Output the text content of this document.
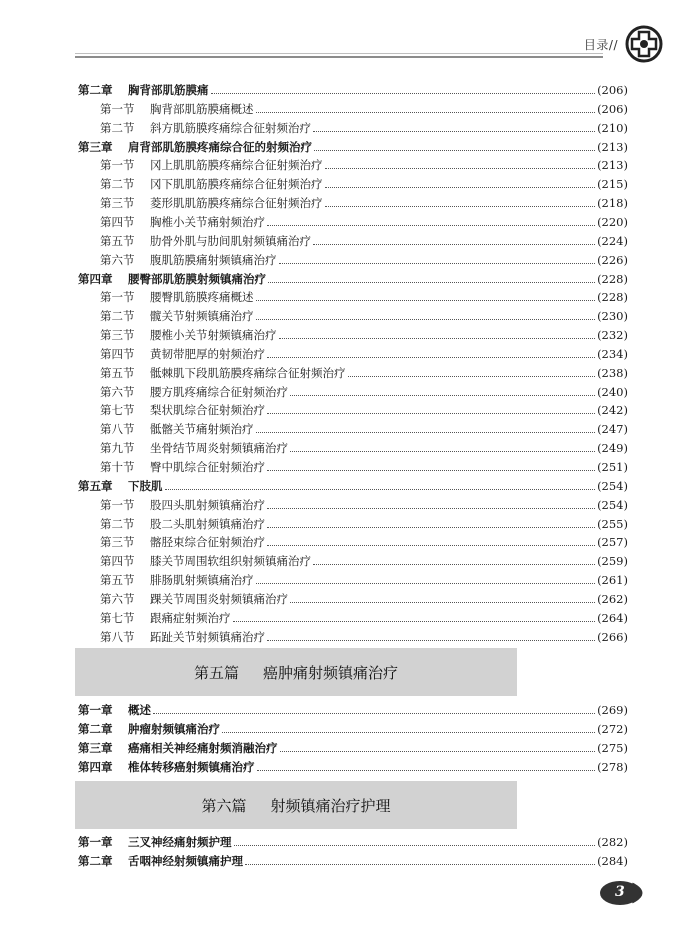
目录//
第二章	胸背部肌筋膜痛	(206)
第一节	胸背部肌筋膜痛概述	(206)
第二节	斜方肌筋膜疼痛综合征射频治疗	(210)
第三章	肩背部肌筋膜疼痛综合征的射频治疗	(213)
第一节	冈上肌肌筋膜疼痛综合征射频治疗	(213)
第二节	冈下肌肌筋膜疼痛综合征射频治疗	(215)
第三节	菱形肌肌筋膜疼痛综合征射频治疗	(218)
第四节	胸椎小关节痛射频治疗	(220)
第五节	肋骨外肌与肋间肌射频镇痛治疗	(224)
第六节	腹肌筋膜痛射频镇痛治疗	(226)
第四章	腰臀部肌筋膜射频镇痛治疗	(228)
第一节	腰臀肌筋膜疼痛概述	(228)
第二节	髋关节射频镇痛治疗	(230)
第三节	腰椎小关节射频镇痛治疗	(232)
第四节	黄韧带肥厚的射频治疗	(234)
第五节	骶棘肌下段肌筋膜疼痛综合征射频治疗	(238)
第六节	腰方肌疼痛综合征射频治疗	(240)
第七节	梨状肌综合征射频治疗	(242)
第八节	骶髂关节痛射频治疗	(247)
第九节	坐骨结节周炎射频镇痛治疗	(249)
第十节	臀中肌综合征射频治疗	(251)
第五章	下肢肌	(254)
第一节	股四头肌射频镇痛治疗	(254)
第二节	股二头肌射频镇痛治疗	(255)
第三节	髂胫束综合征射频治疗	(257)
第四节	膝关节周围软组织射频镇痛治疗	(259)
第五节	腓肠肌射频镇痛治疗	(261)
第六节	踝关节周围炎射频镇痛治疗	(262)
第七节	跟痛症射频治疗	(264)
第八节	跖趾关节射频镇痛治疗	(266)
第五篇 癌肿痛射频镇痛治疗
第一章	概述	(269)
第二章	肿瘤射频镇痛治疗	(272)
第三章	癌痛相关神经痛射频消融治疗	(275)
第四章	椎体转移癌射频镇痛治疗	(278)
第六篇 射频镇痛治疗护理
第一章	三叉神经痛射频护理	(282)
第二章	舌咽神经射频镇痛护理	(284)
3
